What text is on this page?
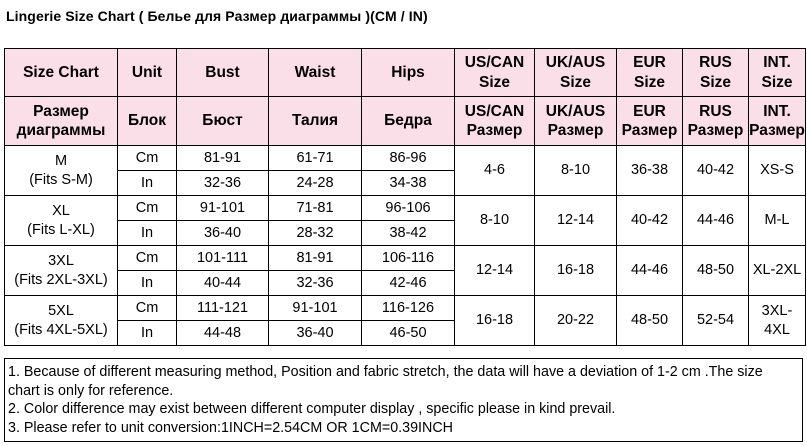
Lingerie Size Chart ( Белье для Размер диаграммы )(CM / IN)
Size Chart	Unit	Bust	Waist	Hips	US/CAN Size	UK/AUS Size	EUR Size	RUS Size	INT. Size
Размер диаграммы	Блок	Бюст	Талия	Бедра	US/CAN Размер	UK/AUS Размер	EUR Размер	RUS Размер	INT. Размер
M
(Fits S-M)	Cm	81-91	61-71	86-96	4-6	8-10	36-38	40-42	XS-S
	In	32-36	24-28	34-38					
XL
(Fits L-XL)	Cm	91-101	71-81	96-106	8-10	12-14	40-42	44-46	M-L
	In	36-40	28-32	38-42					
3XL
(Fits 2XL-3XL)	Cm	101-111	81-91	106-116	12-14	16-18	44-46	48-50	XL-2XL
	In	40-44	32-36	42-46					
5XL
(Fits 4XL-5XL)	Cm	111-121	91-101	116-126	16-18	20-22	48-50	52-54	3XL-4XL
	In	44-48	36-40	46-50					
1. Because of different measuring method, Position and fabric stretch, the data will have a deviation of 1-2 cm .The size chart is only for reference.
2. Color difference may exist between different computer display , specific please in kind prevail.
3. Please refer to unit conversion:1INCH=2.54CM OR 1CM=0.39INCH
